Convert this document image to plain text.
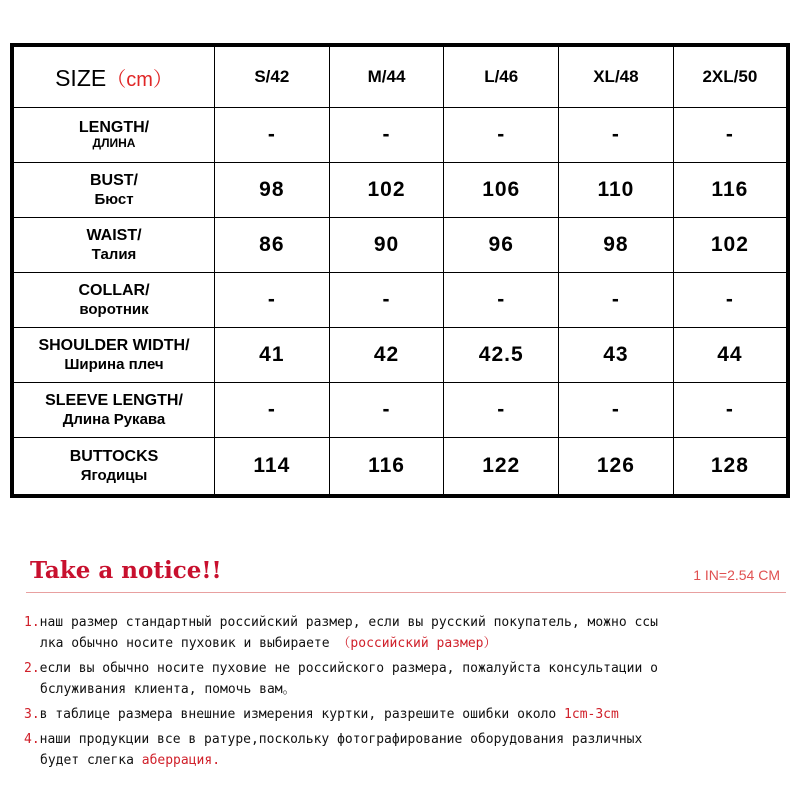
SIZE（cm）	S/42	M/44	L/46	XL/48	2XL/50

LENGTH/
ДЛИНА	-	-	-	-	-

BUST/
Бюст	98	102	106	110	116

WAIST/
Талия	86	90	96	98	102

COLLAR/
воротник	-	-	-	-	-

SHOULDER WIDTH/
Ширина плеч	41	42	42.5	43	44

SLEEVE LENGTH/
Длина Рукава	-	-	-	-	-

BUTTOCKS
Ягодицы	114	116	122	126	128
Take a notice!!	1 IN=2.54 CM
1.наш размер стандартный российский размер, если вы русский покупатель, можно ссы
лка обычно носите пуховик и выбираете （российский размер）
2.если вы обычно носите пуховие не российского размера, пожалуйста консультации о
бслуживания клиента, помочь вам。
3.в таблице размера внешние измерения куртки, разрешите ошибки около 1cm-3cm
4.наши продукции все в ратуре,поскольку фотографирование оборудования различных
будет слегка аберрация.
